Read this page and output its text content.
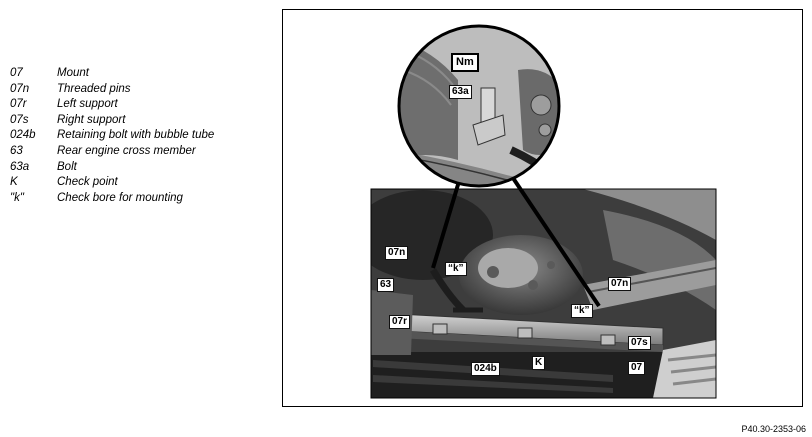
07	Mount
07n	Threaded pins
07r	Left support
07s	Right support
024b	Retaining bolt with bubble tube
63	Rear engine cross member
63a	Bolt
K	Check point
"k"	Check bore for mounting
Nm
63a
07n
“k”
63
07r
07n
“k”
07s
024b
K	07
P40.30-2353-06
